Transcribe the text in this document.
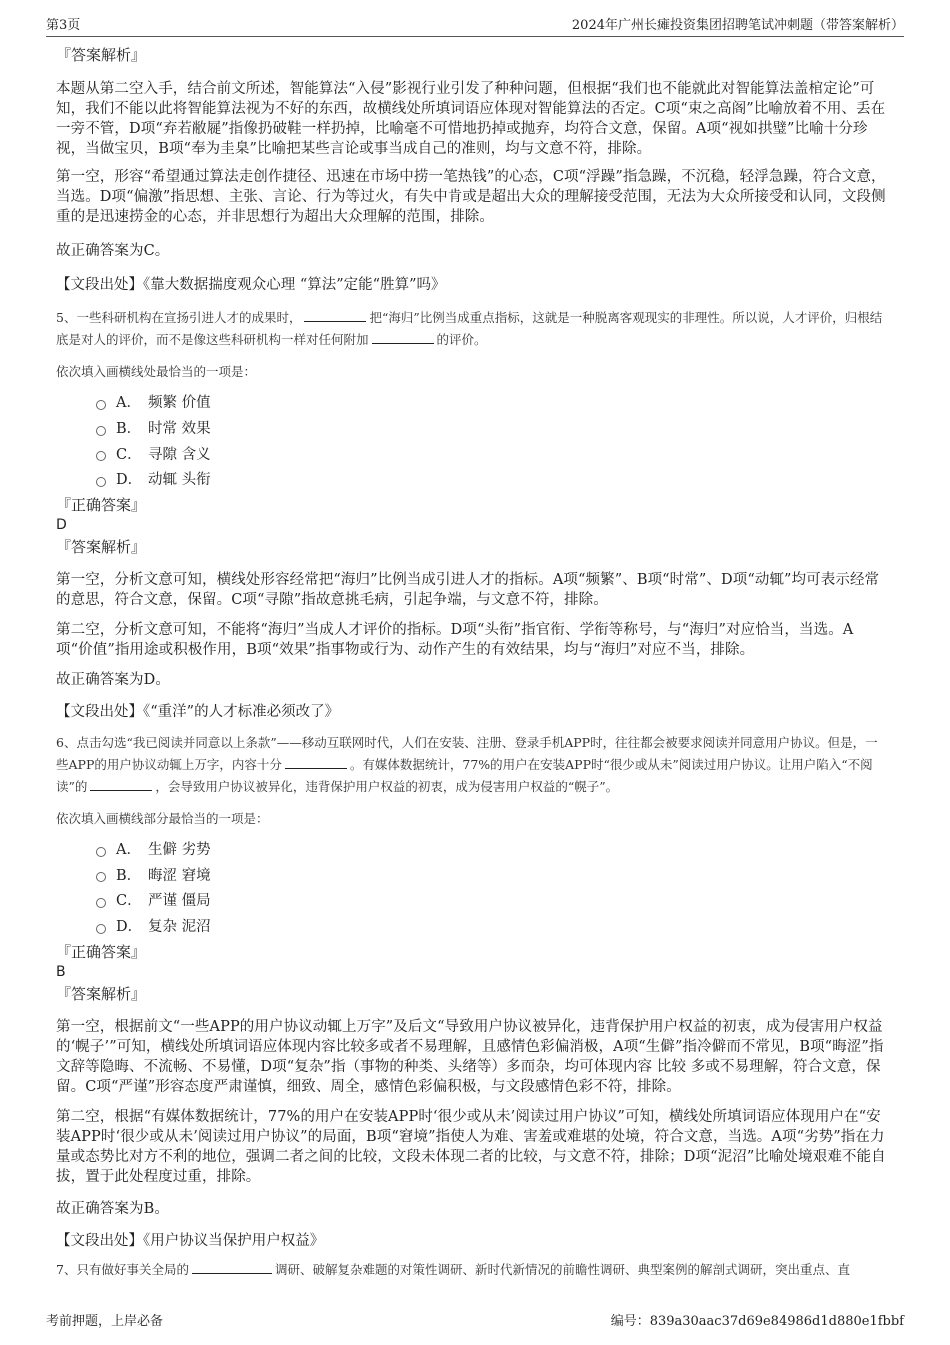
第3页	2024年广州长瘫投资集团招聘笔试冲刺题（带答案解析）

『答案解析』

本题从第二空入手，结合前文所述，智能算法“入侵”影视行业引发了种种问题，但根据“我们也不能就此对智能算法盖棺定论”可知，我们不能以此将智能算法视为不好的东西，故横线处所填词语应体现对智能算法的否定。C项“束之高阁”比喻放着不用、丢在一旁不管，D项“弃若敝屣”指像扔破鞋一样扔掉，比喻毫不可惜地扔掉或抛弃，均符合文意，保留。A项“视如拱璧”比喻十分珍视，当做宝贝，B项“奉为圭臬”比喻把某些言论或事当成自己的准则，均与文意不符，排除。

第一空，形容“希望通过算法走创作捷径、迅速在市场中捞一笔热钱”的心态，C项“浮躁”指急躁，不沉稳，轻浮急躁，符合文意，当选。D项“偏激”指思想、主张、言论、行为等过火，有失中肯或是超出大众的理解接受范围，无法为大众所接受和认同，文段侧重的是迅速捞金的心态，并非思想行为超出大众理解的范围，排除。

故正确答案为C。

【文段出处】《靠大数据揣度观众心理 “算法”定能“胜算”吗》

5、一些科研机构在宣扬引进人才的成果时，	把“海归”比例当成重点指标，这就是一种脱离客观现实的非理性。所以说，人才评价，归根结底是对人的评价，而不是像这些科研机构一样对任何附加	的评价。

依次填入画横线处最恰当的一项是：

A． 频繁 价值
B． 时常 效果
C． 寻隙 含义
D． 动辄 头衔

『正确答案』

D

『答案解析』

第一空，分析文意可知，横线处形容经常把“海归”比例当成引进人才的指标。A项“频繁”、B项“时常”、D项“动辄”均可表示经常的意思，符合文意，保留。C项“寻隙”指故意挑毛病，引起争端，与文意不符，排除。

第二空，分析文意可知，不能将“海归”当成人才评价的指标。D项“头衔”指官衔、学衔等称号，与“海归”对应恰当，当选。A项“价值”指用途或积极作用，B项“效果”指事物或行为、动作产生的有效结果，均与“海归”对应不当，排除。

故正确答案为D。

【文段出处】《“重洋”的人才标准必须改了》

6、点击勾选“我已阅读并同意以上条款”——移动互联网时代，人们在安装、注册、登录手机APP时，往往都会被要求阅读并同意用户协议。但是，一些APP的用户协议动辄上万字，内容十分	。有媒体数据统计，77%的用户在安装APP时“很少或从未”阅读过用户协议。让用户陷入“不阅读”的	，会导致用户协议被异化，违背保护用户权益的初衷，成为侵害用户权益的“幌子”。

依次填入画横线部分最恰当的一项是：

A． 生僻 劣势
B． 晦涩 窘境
C． 严谨 僵局
D． 复杂 泥沼

『正确答案』

B

『答案解析』

第一空，根据前文“一些APP的用户协议动辄上万字”及后文“导致用户协议被异化，违背保护用户权益的初衷，成为侵害用户权益的‘幌子’”可知，横线处所填词语应体现内容比较多或者不易理解，且感情色彩偏消极，A项“生僻”指冷僻而不常见，B项“晦涩”指文辞等隐晦、不流畅、不易懂，D项“复杂”指（事物的种类、头绪等）多而杂，均可体现内容 比较 多或不易理解，符合文意，保留。C项“严谨”形容态度严肃谨慎，细致、周全，感情色彩偏积极，与文段感情色彩不符，排除。

第二空，根据“有媒体数据统计，77%的用户在安装APP时‘很少或从未’阅读过用户协议”可知，横线处所填词语应体现用户在“安装APP时‘很少或从未’阅读过用户协议”的局面，B项“窘境”指使人为难、害羞或难堪的处境，符合文意，当选。A项“劣势”指在力量或态势比对方不利的地位，强调二者之间的比较，文段未体现二者的比较，与文意不符，排除；D项“泥沼”比喻处境艰难不能自拔，置于此处程度过重，排除。

故正确答案为B。

【文段出处】《用户协议当保护用户权益》

7、只有做好事关全局的	调研、破解复杂难题的对策性调研、新时代新情况的前瞻性调研、典型案例的解剖式调研，突出重点、直

考前押题，上岸必备	编号：839a30aac37d69e84986d1d880e1fbbf
